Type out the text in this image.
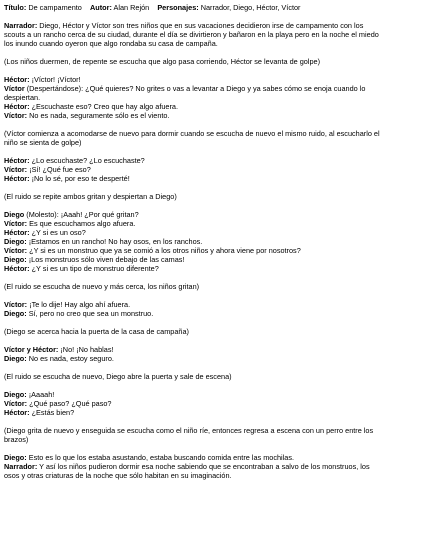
Título: De campamento Autor: Alan Rejón Personajes: Narrador, Diego, Héctor, Víctor
Narrador: Diego, Héctor y Víctor son tres niños que en sus vacaciones decidieron irse de campamento con los
scouts a un rancho cerca de su ciudad, durante el día se divirtieron y bañaron en la playa pero en la noche el miedo
los inundo cuando oyeron que algo rondaba su casa de campaña.
(Los niños duermen, de repente se escucha que algo pasa corriendo, Héctor se levanta de golpe)
Héctor: ¡Víctor! ¡Víctor!
Víctor (Despertándose): ¿Qué quieres? No grites o vas a levantar a Diego y ya sabes cómo se enoja cuando lo
despiertan.
Héctor: ¿Escuchaste eso? Creo que hay algo afuera.
Víctor: No es nada, seguramente sólo es el viento.
(Víctor comienza a acomodarse de nuevo para dormir cuando se escucha de nuevo el mismo ruido, al escucharlo el
niño se sienta de golpe)
Héctor: ¿Lo escuchaste? ¿Lo escuchaste?
Víctor: ¡Sí! ¿Qué fue eso?
Héctor: ¡No lo sé, por eso te desperté!
(El ruido se repite ambos gritan y despiertan a Diego)
Diego (Molesto): ¡Aaah! ¿Por qué gritan?
Víctor: Es que escuchamos algo afuera.
Héctor: ¿Y si es un oso?
Diego: ¡Estamos en un rancho! No hay osos, en los ranchos.
Víctor: ¿Y si es un monstruo que ya se comió a los otros niños y ahora viene por nosotros?
Diego: ¡Los monstruos sólo viven debajo de las camas!
Héctor: ¿Y si es un tipo de monstruo diferente?
(El ruido se escucha de nuevo y más cerca, los niños gritan)
Víctor: ¡Te lo dije! Hay algo ahí afuera.
Diego: Sí, pero no creo que sea un monstruo.
(Diego se acerca hacia la puerta de la casa de campaña)
Víctor y Héctor: ¡No! ¡No hablas!
Diego: No es nada, estoy seguro.
(El ruido se escucha de nuevo, Diego abre la puerta y sale de escena)
Diego: ¡Aaaah!
Víctor: ¿Qué paso? ¿Qué paso?
Héctor: ¿Estás bien?
(Diego grita de nuevo y enseguida se escucha como el niño ríe, entonces regresa a escena con un perro entre los
brazos)
Diego: Esto es lo que los estaba asustando, estaba buscando comida entre las mochilas.
Narrador: Y así los niños pudieron dormir esa noche sabiendo que se encontraban a salvo de los monstruos, los
osos y otras criaturas de la noche que sólo habitan en su imaginación.
